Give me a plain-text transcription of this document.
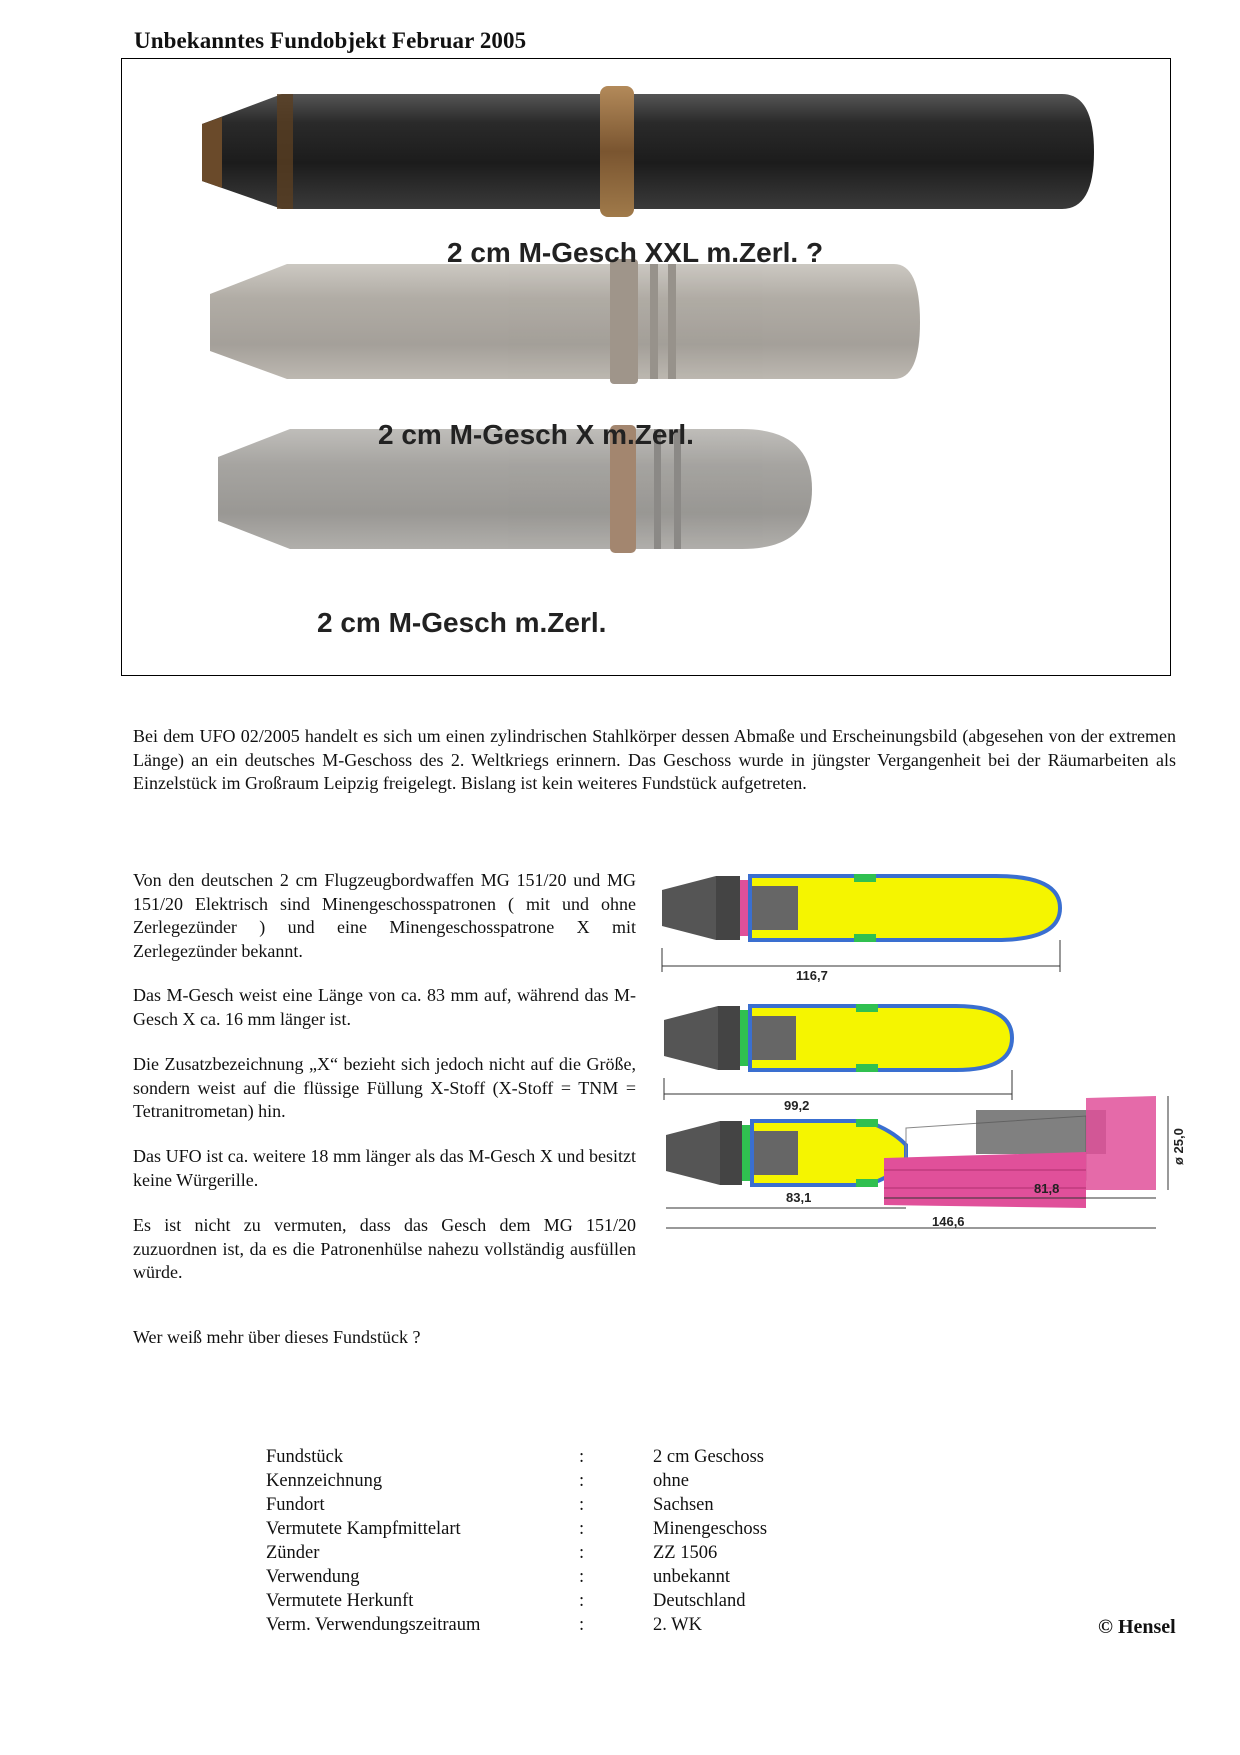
Unbekanntes Fundobjekt Februar 2005
2 cm M-Gesch XXL m.Zerl. ?
2 cm M-Gesch X m.Zerl.
2 cm M-Gesch m.Zerl.
Bei dem UFO 02/2005 handelt es sich um einen zylindrischen Stahlkörper dessen Abmaße und Erscheinungsbild (abgesehen von der extremen Länge) an ein deutsches M-Geschoss des 2. Weltkriegs erinnern. Das Geschoss wurde in jüngster Vergangenheit bei der Räumarbeiten als Einzelstück im Großraum Leipzig freigelegt. Bislang ist kein weiteres Fundstück aufgetreten.
Von den deutschen 2 cm Flugzeugbordwaffen MG 151/20 und MG 151/20 Elektrisch sind Minengeschosspatronen ( mit und ohne Zerlegezünder ) und eine Minengeschosspatrone X mit Zerlegezünder bekannt.
Das M-Gesch weist eine Länge von ca. 83 mm auf, während das M-Gesch X ca. 16 mm länger ist.
Die Zusatzbezeichnung „X“ bezieht sich jedoch nicht auf die Größe, sondern weist auf die flüssige Füllung X-Stoff (X-Stoff = TNM = Tetranitrometan) hin.
Das UFO ist ca. weitere 18 mm länger als das M-Gesch X und besitzt keine Würgerille.
Es ist nicht zu vermuten, dass das Gesch dem MG 151/20 zuzuordnen ist, da es die Patronenhülse nahezu vollständig ausfüllen würde.
116,7
99,2
ø 25,0
83,1
81,8
146,6
Wer weiß mehr über dieses Fundstück ?
Fundstück	:	2 cm Geschoss
Kennzeichnung	:	ohne
Fundort	:	Sachsen
Vermutete Kampfmittelart	:	Minengeschoss
Zünder	:	ZZ 1506
Verwendung	:	unbekannt
Vermutete Herkunft	:	Deutschland
Verm. Verwendungszeitraum	:	2. WK	© Hensel
